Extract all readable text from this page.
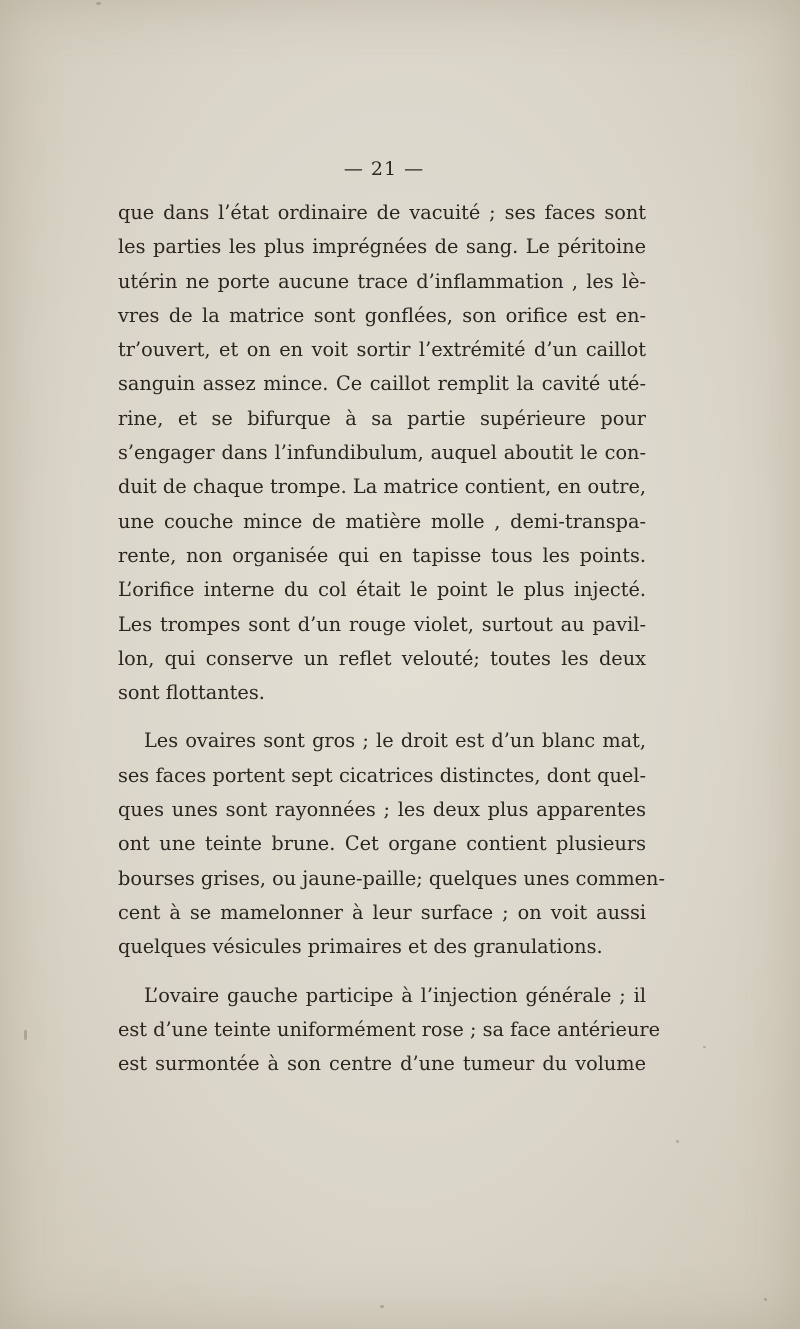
— 21 —
que dans l’état ordinaire de vacuité ; ses faces sont
les parties les plus imprégnées de sang. Le péritoine
utérin ne porte aucune trace d’inflammation , les lè-
vres de la matrice sont gonflées, son orifice est en-
tr’ouvert, et on en voit sortir l’extrémité d’un caillot
sanguin assez mince. Ce caillot remplit la cavité uté-
rine, et se bifurque à sa partie supérieure pour
s’engager dans l’infundibulum, auquel aboutit le con-
duit de chaque trompe. La matrice contient, en outre,
une couche mince de matière molle , demi-transpa-
rente, non organisée qui en tapisse tous les points.
L’orifice interne du col était le point le plus injecté.
Les trompes sont d’un rouge violet, surtout au pavil-
lon, qui conserve un reflet velouté; toutes les deux
sont flottantes.
Les ovaires sont gros ; le droit est d’un blanc mat,
ses faces portent sept cicatrices distinctes, dont quel-
ques unes sont rayonnées ; les deux plus apparentes
ont une teinte brune. Cet organe contient plusieurs
bourses grises, ou jaune-paille; quelques unes commen-
cent à se mamelonner à leur surface ; on voit aussi
quelques vésicules primaires et des granulations.
L’ovaire gauche participe à l’injection générale ; il
est d’une teinte uniformément rose ; sa face antérieure
est surmontée à son centre d’une tumeur du volume
